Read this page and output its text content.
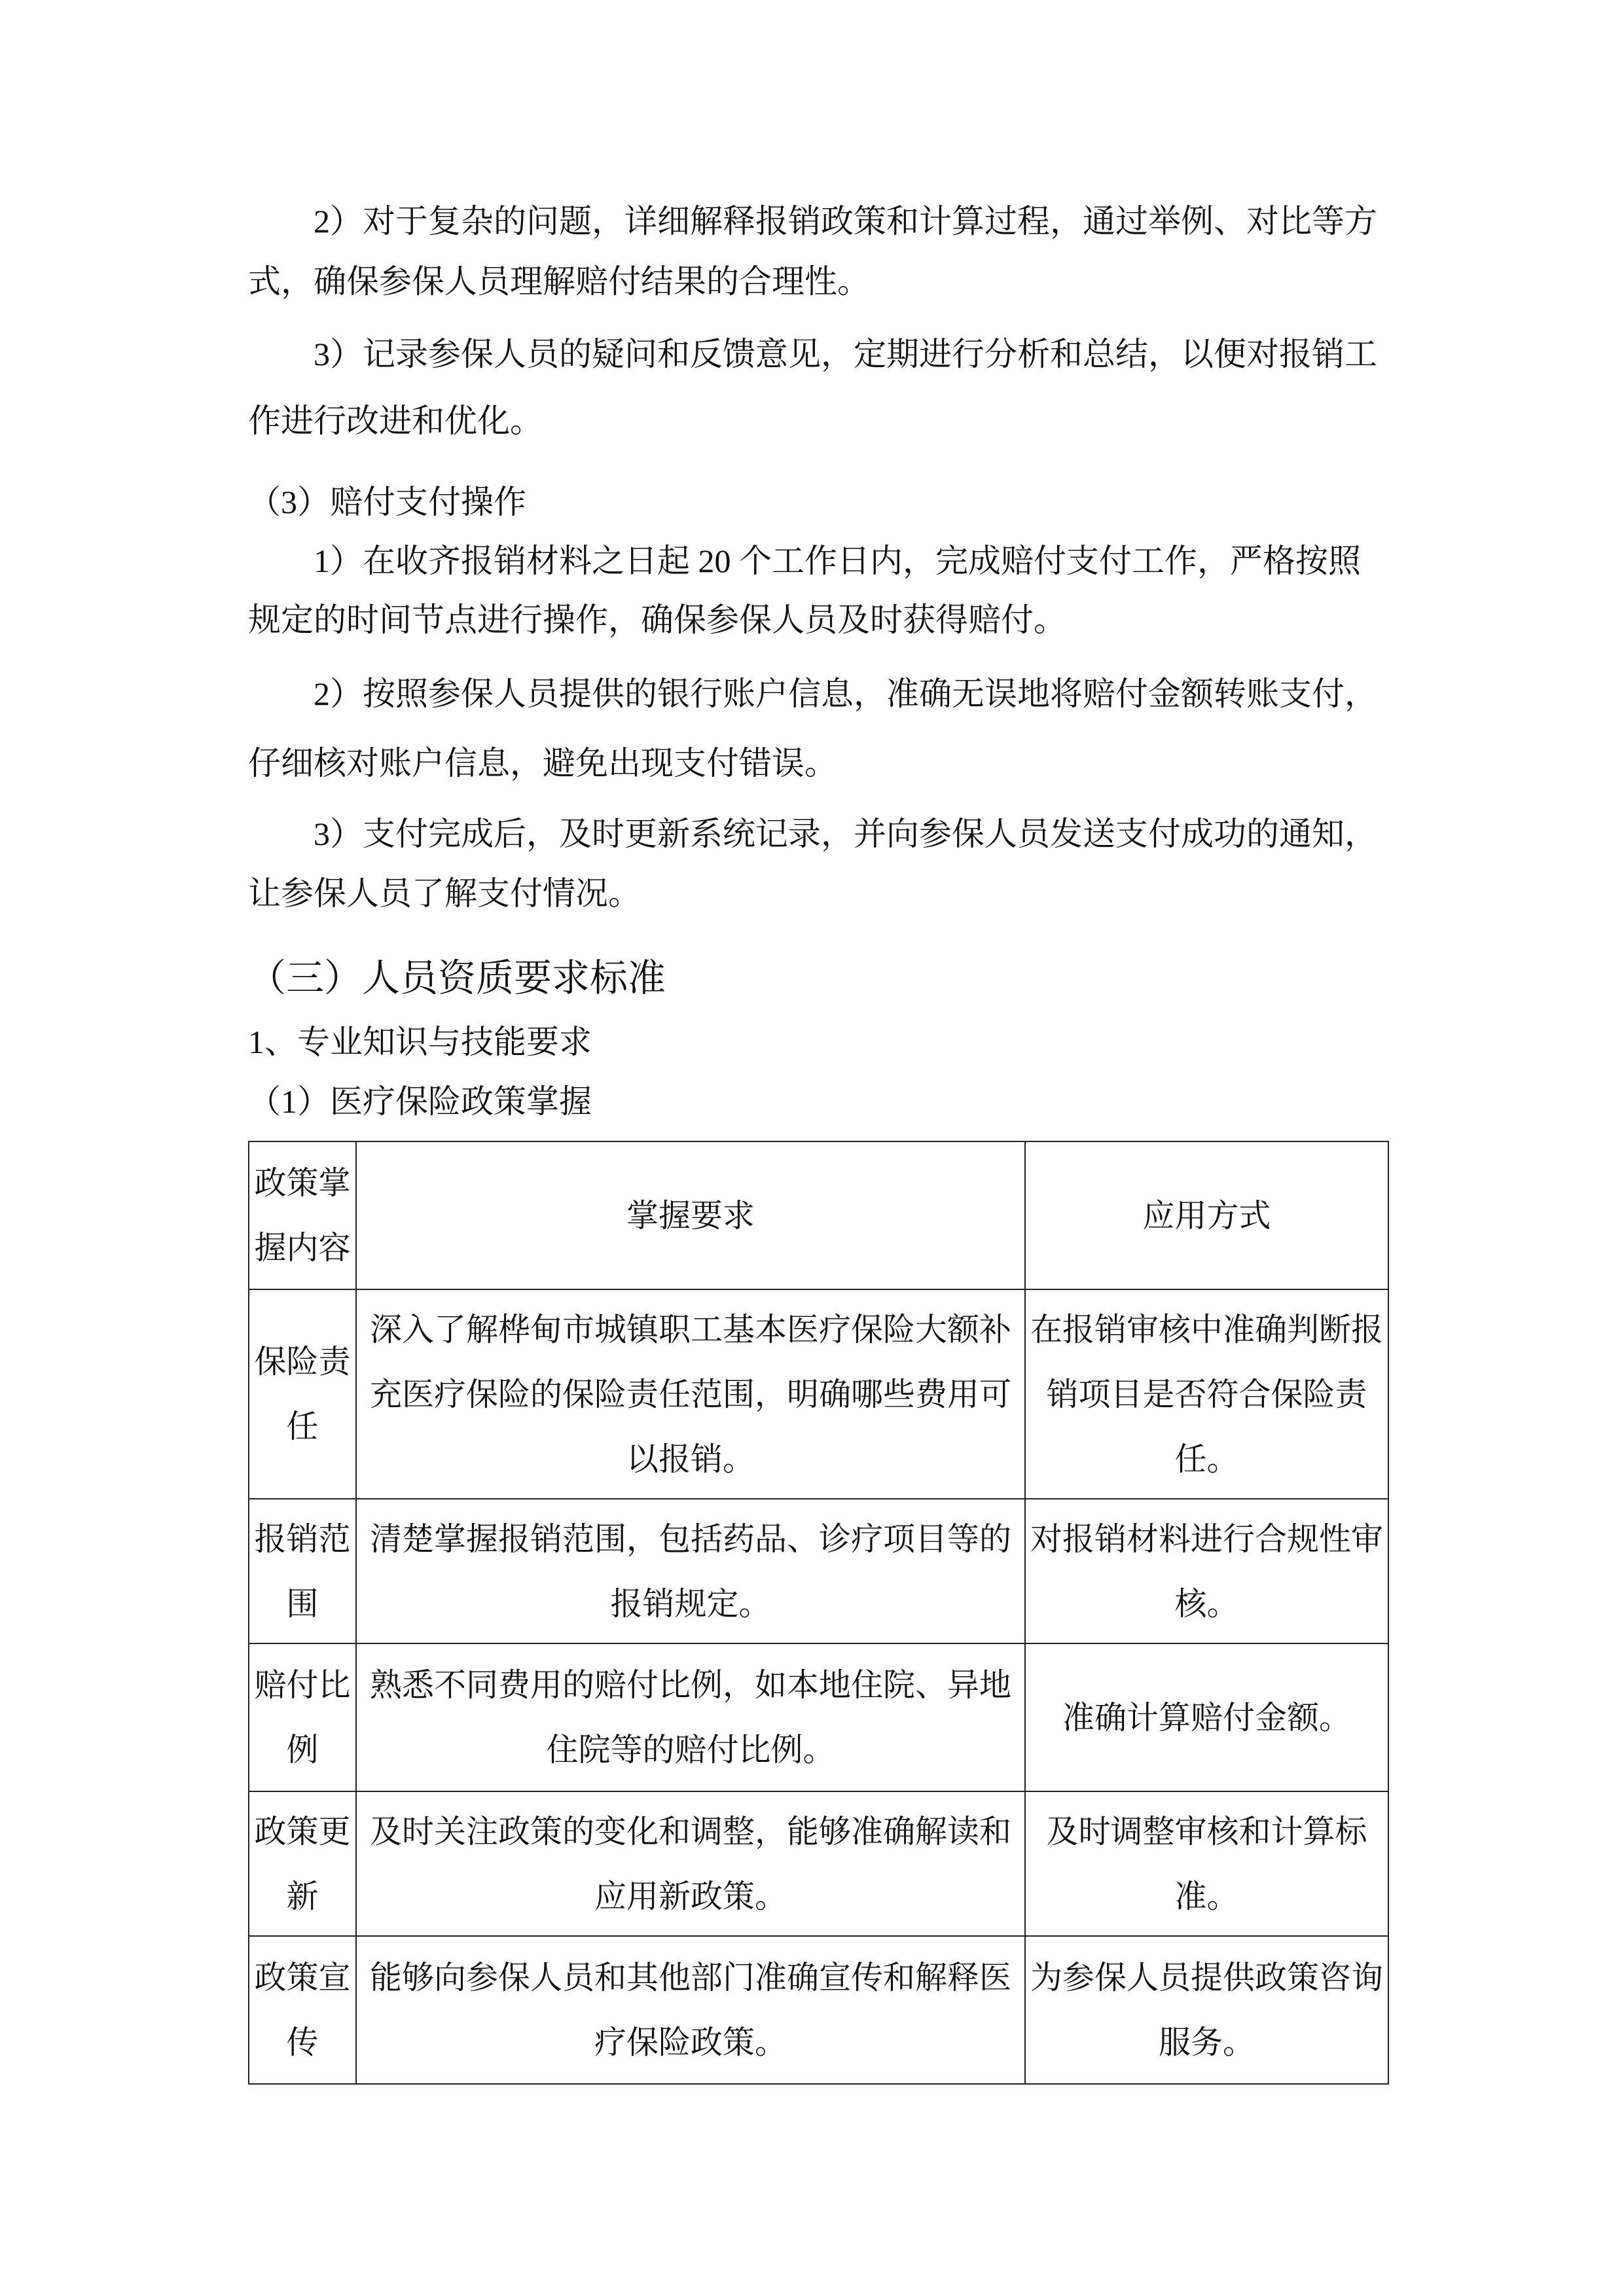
2）对于复杂的问题，详细解释报销政策和计算过程，通过举例、对比等方
式，确保参保人员理解赔付结果的合理性。
3）记录参保人员的疑问和反馈意见，定期进行分析和总结，以便对报销工
作进行改进和优化。
（3）赔付支付操作
1）在收齐报销材料之日起 20 个工作日内，完成赔付支付工作，严格按照
规定的时间节点进行操作，确保参保人员及时获得赔付。
2）按照参保人员提供的银行账户信息，准确无误地将赔付金额转账支付，
仔细核对账户信息，避免出现支付错误。
3）支付完成后，及时更新系统记录，并向参保人员发送支付成功的通知，
让参保人员了解支付情况。
（三）人员资质要求标准
1、专业知识与技能要求
（1）医疗保险政策掌握
政策掌握内容	掌握要求	应用方式
保险责任	深入了解桦甸市城镇职工基本医疗保险大额补充医疗保险的保险责任范围，明确哪些费用可以报销。	在报销审核中准确判断报销项目是否符合保险责任。
报销范围	清楚掌握报销范围，包括药品、诊疗项目等的报销规定。	对报销材料进行合规性审核。
赔付比例	熟悉不同费用的赔付比例，如本地住院、异地住院等的赔付比例。	准确计算赔付金额。
政策更新	及时关注政策的变化和调整，能够准确解读和应用新政策。	及时调整审核和计算标准。
政策宣传	能够向参保人员和其他部门准确宣传和解释医疗保险政策。	为参保人员提供政策咨询服务。
